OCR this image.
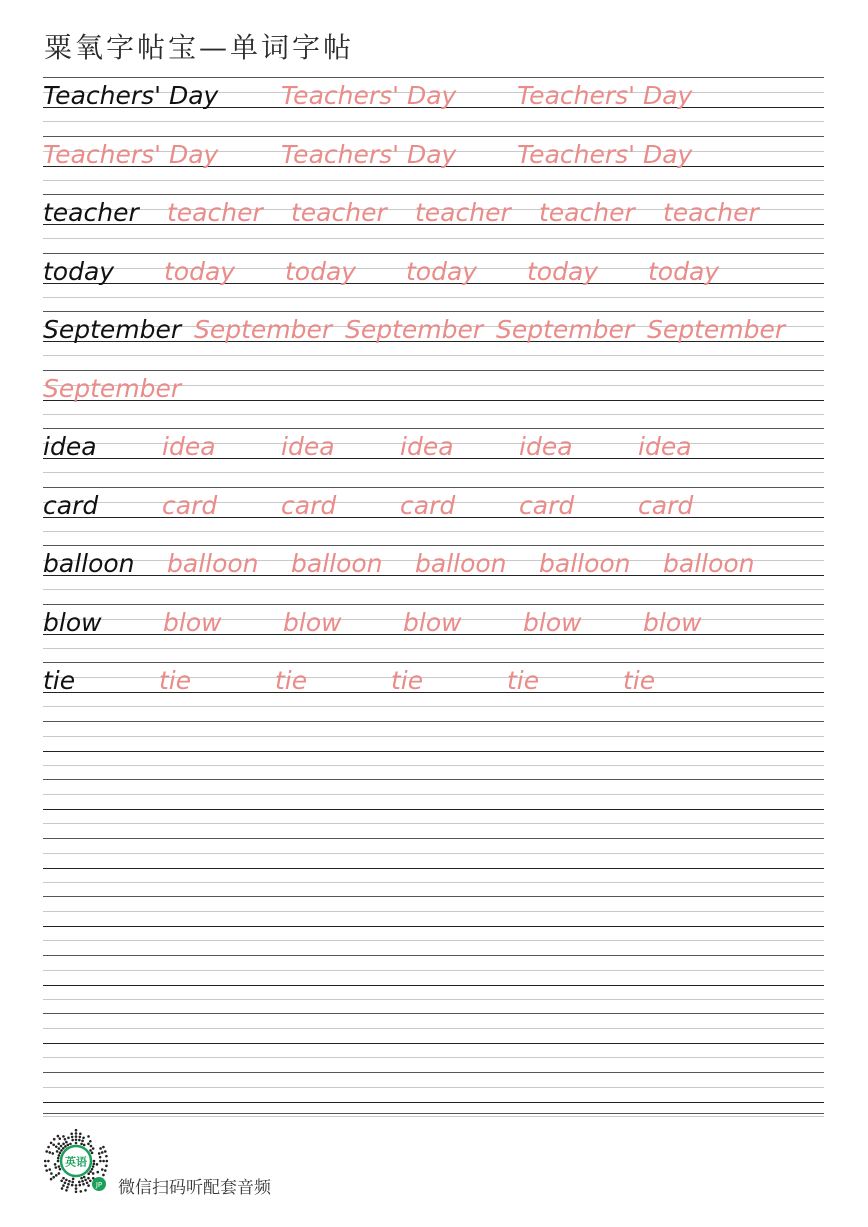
粟氧字帖宝—单词字帖
Teachers' Day	Teachers' Day Teachers' Day
Teachers' Day	Teachers' Day Teachers' Day
teacher teacher teacher teacher teacher teacher
today today today today today today
September September September September September
September
idea	idea	idea	idea	idea	idea
card	card	card	card	card	card
balloon balloon balloon balloon balloon balloon
blow blow blow blow blow blow
tie	tie	tie	tie	tie	tie
英语
JP 微信扫码听配套音频
